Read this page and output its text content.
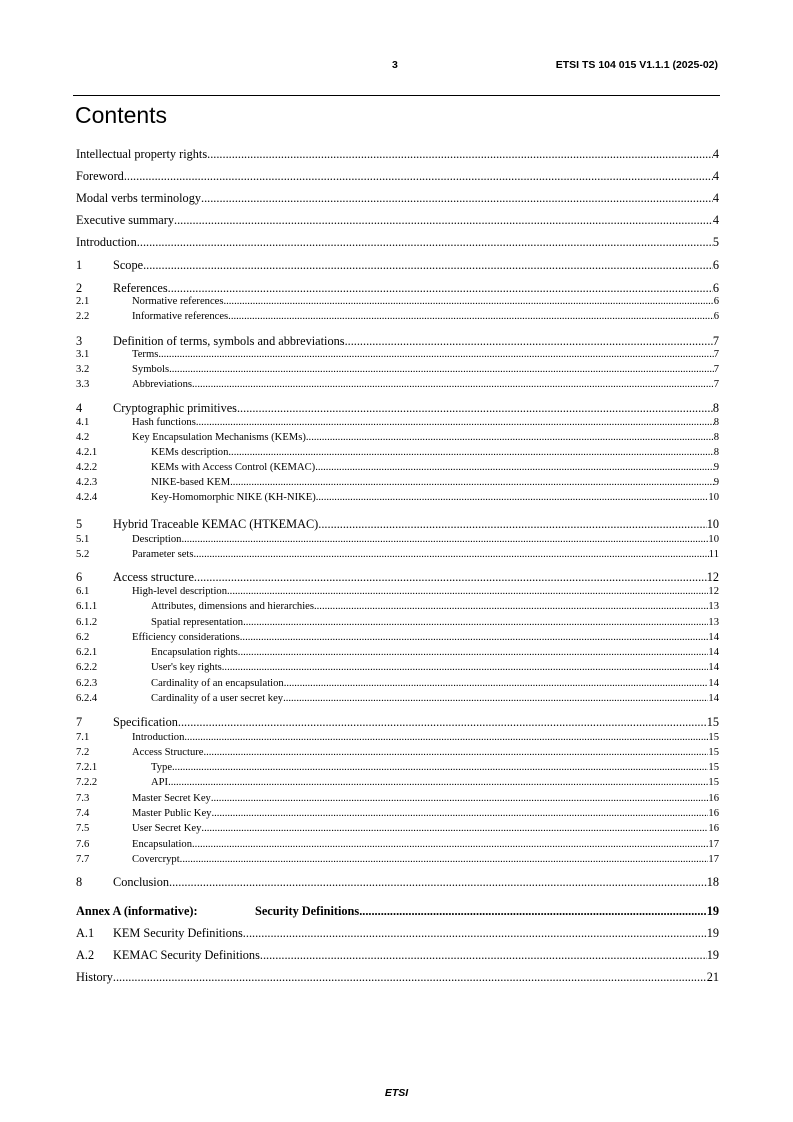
3	ETSI TS 104 015 V1.1.1 (2025-02)
Contents
Intellectual property rights .....	4
Foreword .....	4
Modal verbs terminology .....	4
Executive summary .....	4
Introduction .....	5
1	Scope .....	6
2	References .....	6
2.1	Normative references .....	6
2.2	Informative references .....	6
3	Definition of terms, symbols and abbreviations .....	7
3.1	Terms .....	7
3.2	Symbols .....	7
3.3	Abbreviations .....	7
4	Cryptographic primitives .....	8
4.1	Hash functions .....	8
4.2	Key Encapsulation Mechanisms (KEMs) .....	8
4.2.1	KEMs description .....	8
4.2.2	KEMs with Access Control (KEMAC) .....	9
4.2.3	NIKE-based KEM .....	9
4.2.4	Key-Homomorphic NIKE (KH-NIKE) .....	10
5	Hybrid Traceable KEMAC (HTKEMAC) .....	10
5.1	Description .....	10
5.2	Parameter sets .....	11
6	Access structure .....	12
6.1	High-level description .....	12
6.1.1	Attributes, dimensions and hierarchies .....	13
6.1.2	Spatial representation .....	13
6.2	Efficiency considerations .....	14
6.2.1	Encapsulation rights .....	14
6.2.2	User's key rights .....	14
6.2.3	Cardinality of an encapsulation .....	14
6.2.4	Cardinality of a user secret key .....	14
7	Specification .....	15
7.1	Introduction .....	15
7.2	Access Structure .....	15
7.2.1	Type .....	15
7.2.2	API .....	15
7.3	Master Secret Key .....	16
7.4	Master Public Key .....	16
7.5	User Secret Key .....	16
7.6	Encapsulation .....	17
7.7	Covercrypt .....	17
8	Conclusion .....	18
Annex A (informative):	Security Definitions .....	19
A.1	KEM Security Definitions .....	19
A.2	KEMAC Security Definitions .....	19
History .....	21
ETSI
